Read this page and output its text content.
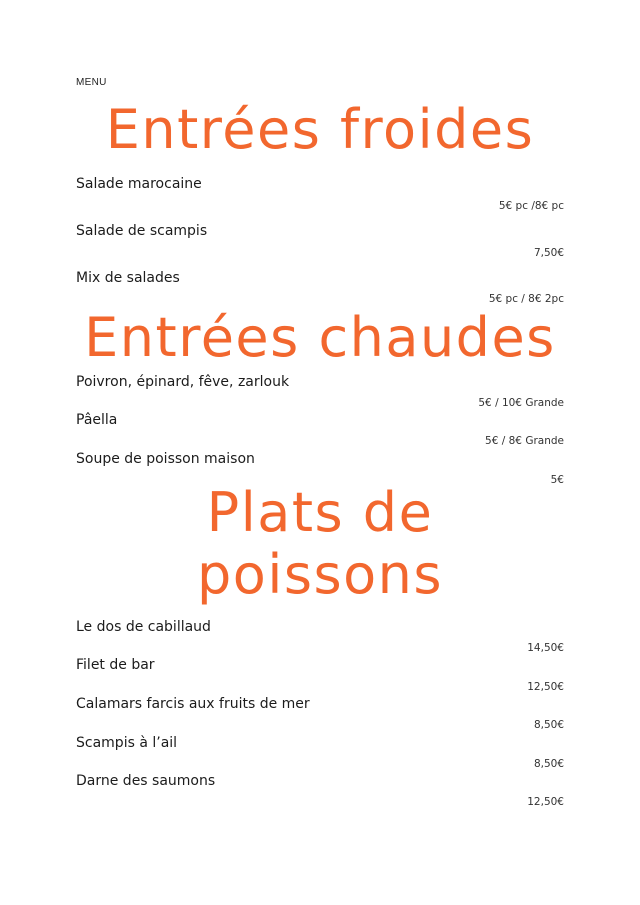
MENU
Entrées froides
Salade marocaine
5€ pc /8€ pc
Salade de scampis
7,50€
Mix de salades
5€ pc / 8€ 2pc
Entrées chaudes
Poivron, épinard, fêve, zarlouk
5€ / 10€ Grande
Pâella
5€ / 8€ Grande
Soupe de poisson maison
5€
Plats de
poissons
Le dos de cabillaud
14,50€
Filet de bar
12,50€
Calamars farcis aux fruits de mer
8,50€
Scampis à l’ail
8,50€
Darne des saumons
12,50€
